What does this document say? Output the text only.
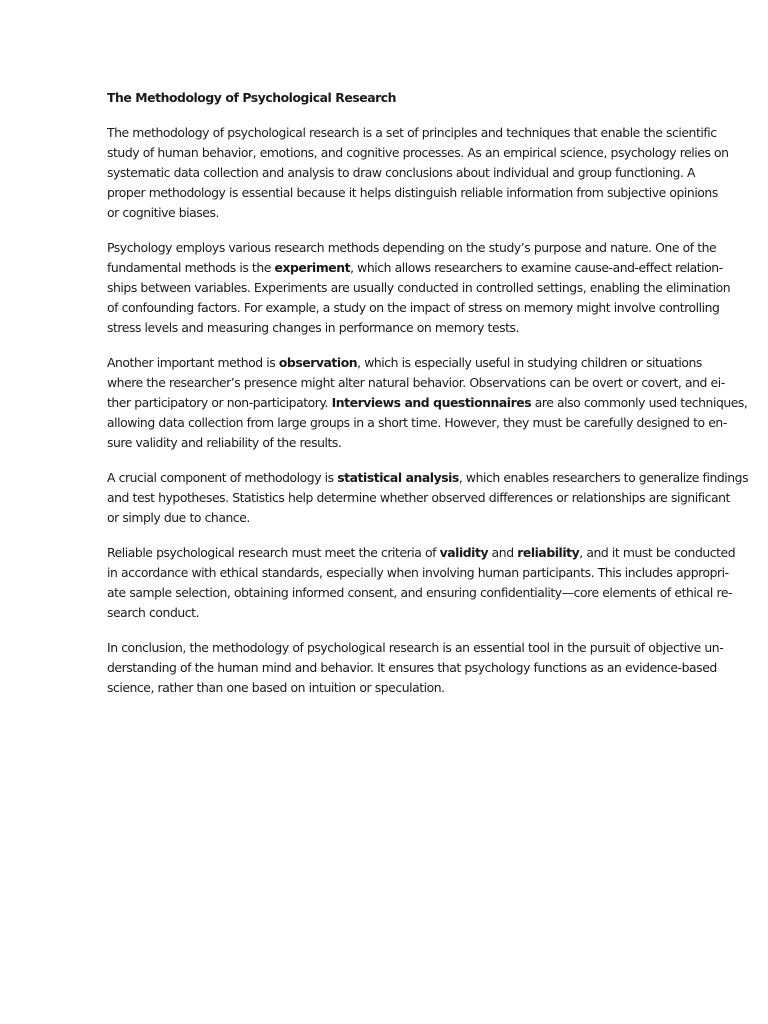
The Methodology of Psychological Research
The methodology of psychological research is a set of principles and techniques that enable the scientific
study of human behavior, emotions, and cognitive processes. As an empirical science, psychology relies on
systematic data collection and analysis to draw conclusions about individual and group functioning. A
proper methodology is essential because it helps distinguish reliable information from subjective opinions
or cognitive biases.
Psychology employs various research methods depending on the study’s purpose and nature. One of the
fundamental methods is the experiment, which allows researchers to examine cause-and-effect relation-
ships between variables. Experiments are usually conducted in controlled settings, enabling the elimination
of confounding factors. For example, a study on the impact of stress on memory might involve controlling
stress levels and measuring changes in performance on memory tests.
Another important method is observation, which is especially useful in studying children or situations
where the researcher’s presence might alter natural behavior. Observations can be overt or covert, and ei-
ther participatory or non-participatory. Interviews and questionnaires are also commonly used techniques,
allowing data collection from large groups in a short time. However, they must be carefully designed to en-
sure validity and reliability of the results.
A crucial component of methodology is statistical analysis, which enables researchers to generalize findings
and test hypotheses. Statistics help determine whether observed differences or relationships are significant
or simply due to chance.
Reliable psychological research must meet the criteria of validity and reliability, and it must be conducted
in accordance with ethical standards, especially when involving human participants. This includes appropri-
ate sample selection, obtaining informed consent, and ensuring confidentiality—core elements of ethical re-
search conduct.
In conclusion, the methodology of psychological research is an essential tool in the pursuit of objective un-
derstanding of the human mind and behavior. It ensures that psychology functions as an evidence-based
science, rather than one based on intuition or speculation.
